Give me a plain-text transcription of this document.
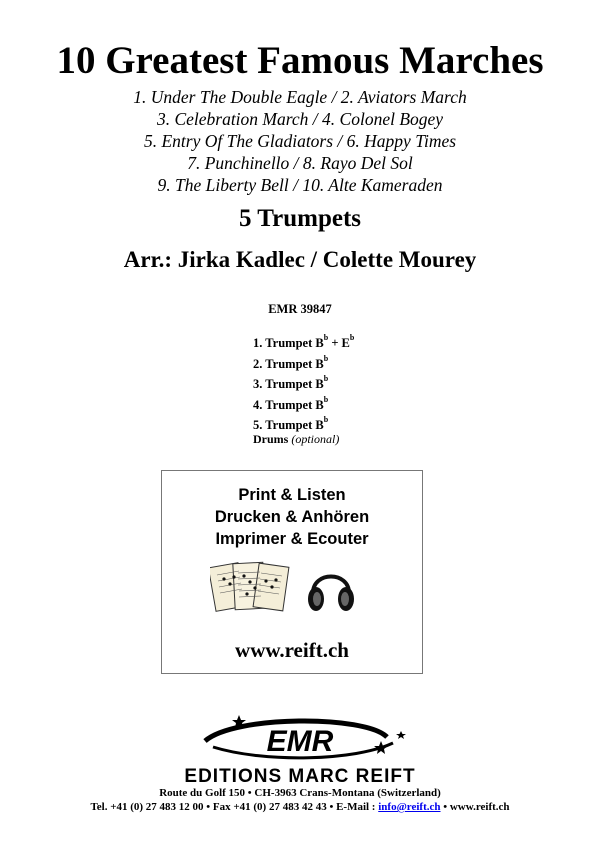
10 Greatest Famous Marches
1. Under The Double Eagle / 2. Aviators March
3. Celebration March / 4. Colonel Bogey
5. Entry Of The Gladiators / 6. Happy Times
7. Punchinello / 8. Rayo Del Sol
9. The Liberty Bell / 10. Alte Kameraden
5 Trumpets
Arr.: Jirka Kadlec / Colette Mourey
EMR 39847
1. Trumpet $B^b + E^b$
2. Trumpet $B^b$
3. Trumpet $B^b$
4. Trumpet $B^b$
5. Trumpet $B^b$
Drums (optional)
Print & Listen
Drucken & Anhören
Imprimer & Ecouter
www.reift.ch
EMR
EDITIONS MARC REIFT
Route du Golf 150 • CH-3963 Crans-Montana (Switzerland)
Tel. +41 (0) 27 483 12 00 • Fax +41 (0) 27 483 42 43 • E-Mail : info@reift.ch • www.reift.ch
